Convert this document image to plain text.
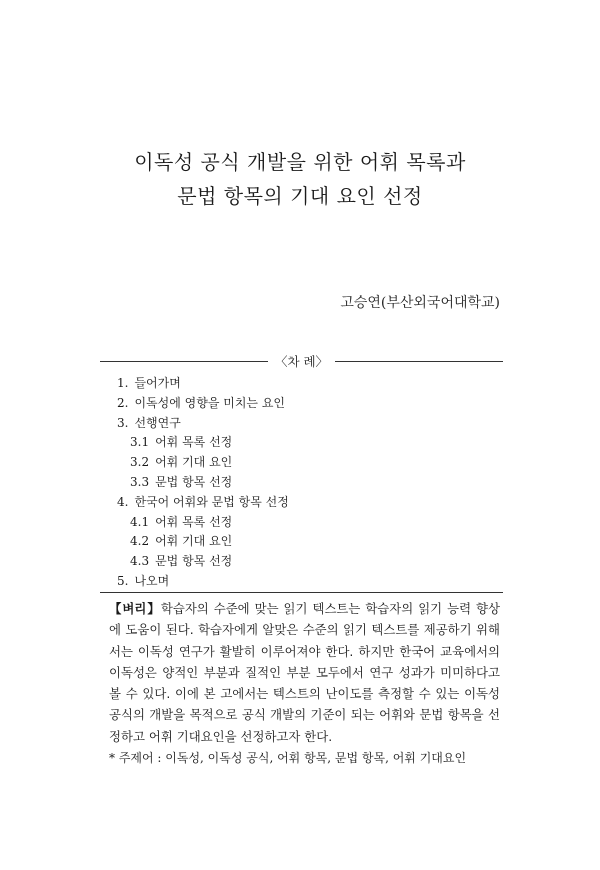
이독성 공식 개발을 위한 어휘 목록과
문법 항목의 기대 요인 선정
고승연(부산외국어대학교)
〈차 례〉
1. 들어가며
2. 이독성에 영향을 미치는 요인
3. 선행연구
3.1 어휘 목록 선정
3.2 어휘 기대 요인
3.3 문법 항목 선정
4. 한국어 어휘와 문법 항목 선정
4.1 어휘 목록 선정
4.2 어휘 기대 요인
4.3 문법 항목 선정
5. 나오며

【벼리】학습자의 수준에 맞는 읽기 텍스트는 학습자의 읽기 능력 향상에 도움이 된다. 학습자에게 알맞은 수준의 읽기 텍스트를 제공하기 위해서는 이독성 연구가 활발히 이루어져야 한다. 하지만 한국어 교육에서의 이독성은 양적인 부분과 질적인 부분 모두에서 연구 성과가 미미하다고 볼 수 있다. 이에 본 고에서는 텍스트의 난이도를 측정할 수 있는 이독성 공식의 개발을 목적으로 공식 개발의 기준이 되는 어휘와 문법 항목을 선정하고 어휘 기대요인을 선정하고자 한다.

* 주제어 : 이독성, 이독성 공식, 어휘 항목, 문법 항목, 어휘 기대요인
